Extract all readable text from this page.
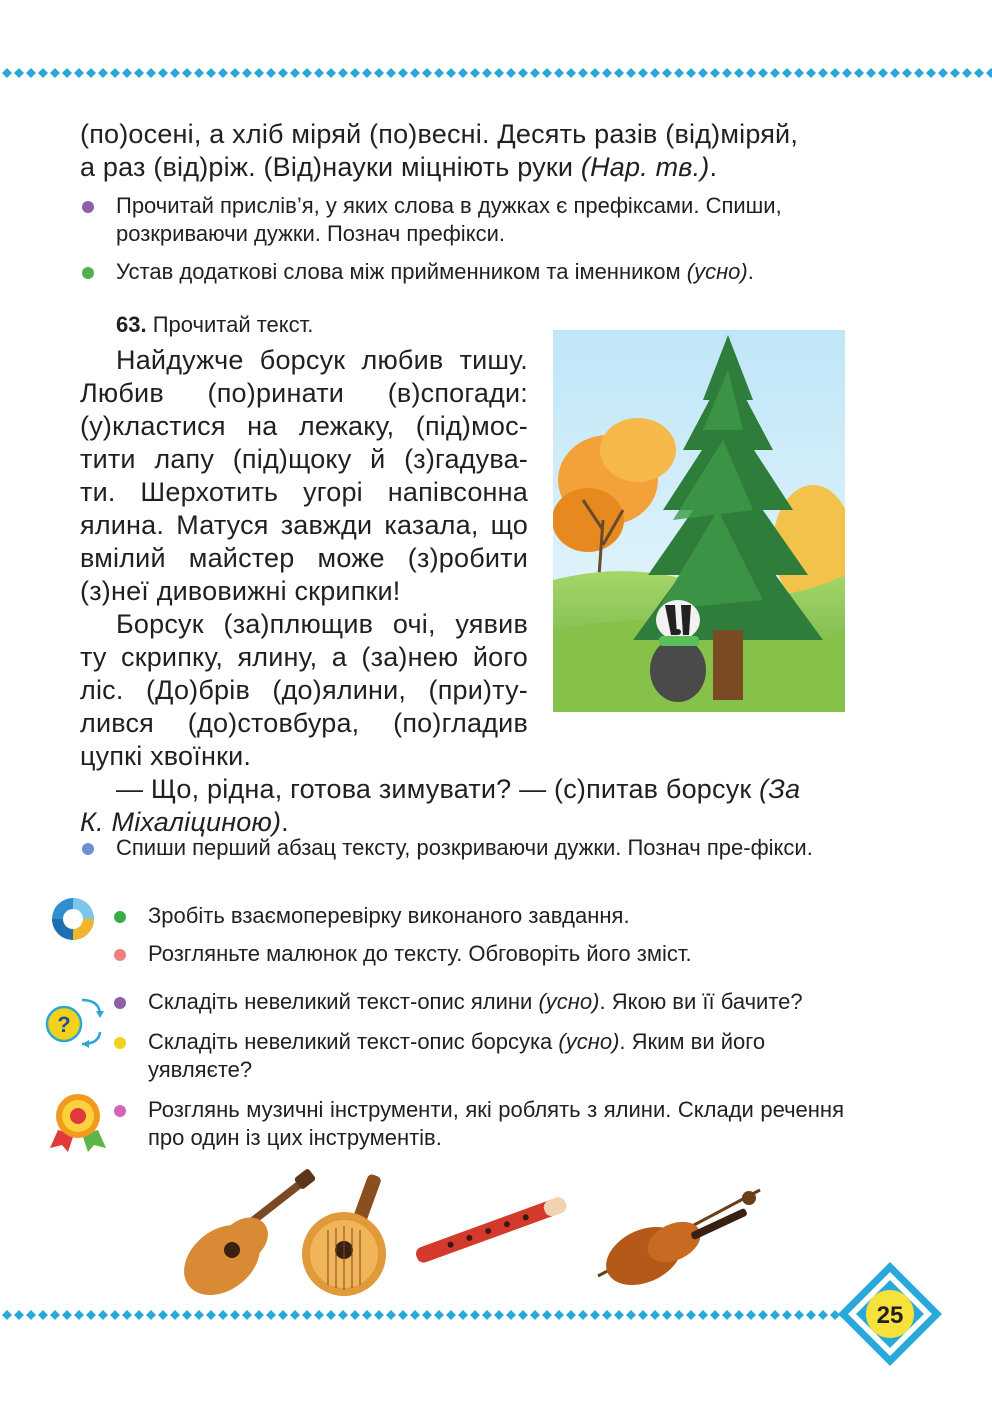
(по)осені, а хліб міряй (по)весні. Десять разів (від)міряй,
а раз (від)ріж. (Від)науки міцніють руки (Нар. тв.).
Прочитай прислів’я, у яких слова в дужках є префіксами. Спиши, розкриваючи дужки. Познач префікси.
Устав додаткові слова між прийменником та іменником (усно).
63. Прочитай текст.
Найдужче борсук любив тишу.
Любив (по)ринати (в)спогади:
(у)кластися на лежаку, (під)мос-
тити лапу (під)щоку й (з)гадува-
ти. Шерхотить угорі напівсонна
ялина. Матуся завжди казала, що
вмілий майстер може (з)робити
(з)неї дивовижні скрипки!
Борсук (за)плющив очі, уявив
ту скрипку, ялину, а (за)нею його
ліс. (До)брів (до)ялини, (при)ту-
лився (до)стовбура, (по)гладив
цупкі хвоїнки.
— Що, рідна, готова зимувати? — (с)питав борсук (За
К. Міхаліциною).
Спиши перший абзац тексту, розкриваючи дужки. Познач пре-фікси.
Зробіть взаємоперевірку виконаного завдання.
Розгляньте малюнок до тексту. Обговоріть його зміст.
?
Складіть невеликий текст-опис ялини (усно). Якою ви її бачите?
Складіть невеликий текст-опис борсука (усно). Яким ви його уявляєте?
Розглянь музичні інструменти, які роблять з ялини. Склади речення про один із цих інструментів.
25
